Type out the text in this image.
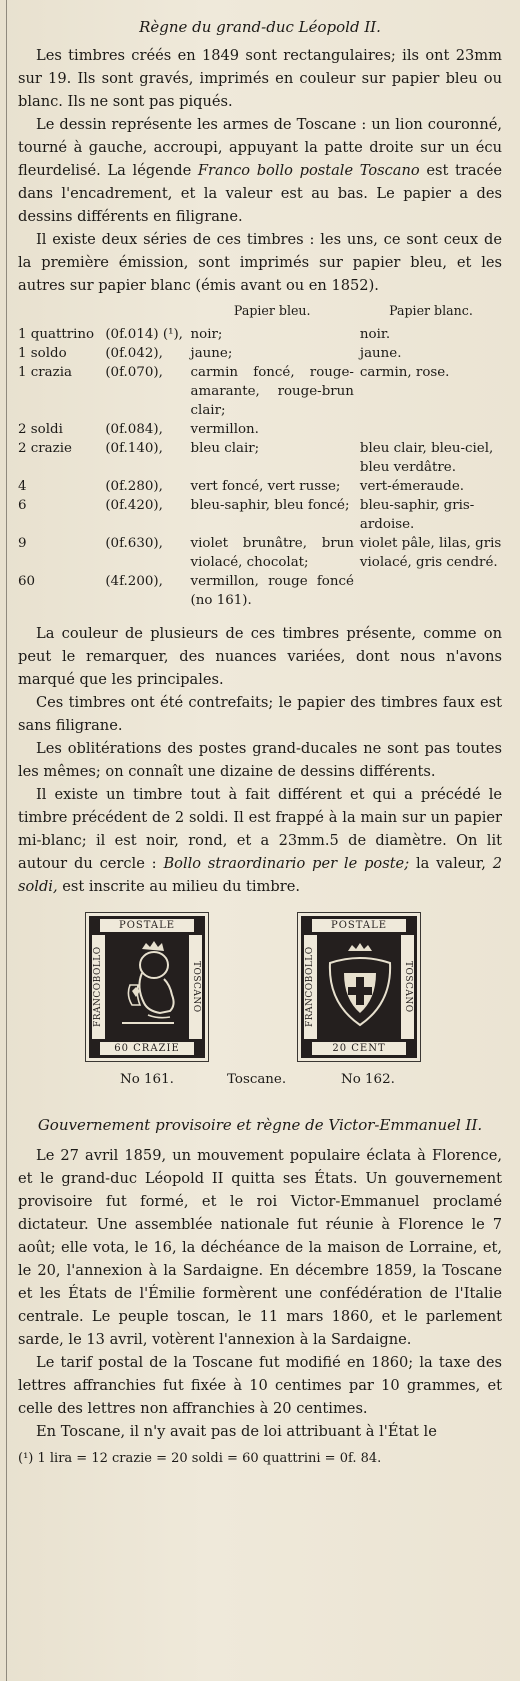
Règne du grand-duc Léopold II.

Les timbres créés en 1849 sont rectangulaires; ils ont 23mm sur 19. Ils sont gravés, imprimés en couleur sur papier bleu ou blanc. Ils ne sont pas piqués.

Le dessin représente les armes de Toscane : un lion couronné, tourné à gauche, accroupi, appuyant la patte droite sur un écu fleurdelisé. La légende Franco bollo postale Toscano est tracée dans l'encadrement, et la valeur est au bas. Le papier a des dessins différents en filigrane.

Il existe deux séries de ces timbres : les uns, ce sont ceux de la première émission, sont imprimés sur papier bleu, et les autres sur papier blanc (émis avant ou en 1852).

		Papier bleu.	Papier blanc.
1 quattrino	(0f.014) (¹),	noir;	noir.
1 soldo	(0f.042),	jaune;	jaune.
1 crazia	(0f.070),	carmin foncé, rouge-amarante, rouge-brun clair;	carmin, rose.
2 soldi	(0f.084),	vermillon.	
2 crazie	(0f.140),	bleu clair;	bleu clair, bleu-ciel, bleu verdâtre.
4	(0f.280),	vert foncé, vert russe;	vert-émeraude.
6	(0f.420),	bleu-saphir, bleu foncé;	bleu-saphir, gris-ardoise.
9	(0f.630),	violet brunâtre, brun violacé, chocolat;	violet pâle, lilas, gris violacé, gris cendré.
60	(4f.200),	vermillon, rouge foncé (no 161).	

La couleur de plusieurs de ces timbres présente, comme on peut le remarquer, des nuances variées, dont nous n'avons marqué que les principales.

Ces timbres ont été contrefaits; le papier des timbres faux est sans filigrane.

Les oblitérations des postes grand-ducales ne sont pas toutes les mêmes; on connaît une dizaine de dessins différents.

Il existe un timbre tout à fait différent et qui a précédé le timbre précédent de 2 soldi. Il est frappé à la main sur un papier mi-blanc; il est noir, rond, et a 23mm.5 de diamètre. On lit autour du cercle : Bollo straordinario per le poste; la valeur, 2 soldi, est inscrite au milieu du timbre.

POSTALE
FRANCOBOLLO	TOSCANO
60 CRAZIE
POSTALE
FRANCOBOLLO	TOSCANO
20 CENT
No 161.	Toscane.	No 162.
Gouvernement provisoire et règne de Victor-Emmanuel II.

Le 27 avril 1859, un mouvement populaire éclata à Florence, et le grand-duc Léopold II quitta ses États. Un gouvernement provisoire fut formé, et le roi Victor-Emmanuel proclamé dictateur. Une assemblée nationale fut réunie à Florence le 7 août; elle vota, le 16, la déchéance de la maison de Lorraine, et, le 20, l'annexion à la Sardaigne. En décembre 1859, la Toscane et les États de l'Émilie formèrent une confédération de l'Italie centrale. Le peuple toscan, le 11 mars 1860, et le parlement sarde, le 13 avril, votèrent l'annexion à la Sardaigne.

Le tarif postal de la Toscane fut modifié en 1860; la taxe des lettres affranchies fut fixée à 10 centimes par 10 grammes, et celle des lettres non affranchies à 20 centimes.

En Toscane, il n'y avait pas de loi attribuant à l'État le

(¹) 1 lira = 12 crazie = 20 soldi = 60 quattrini = 0f. 84.
